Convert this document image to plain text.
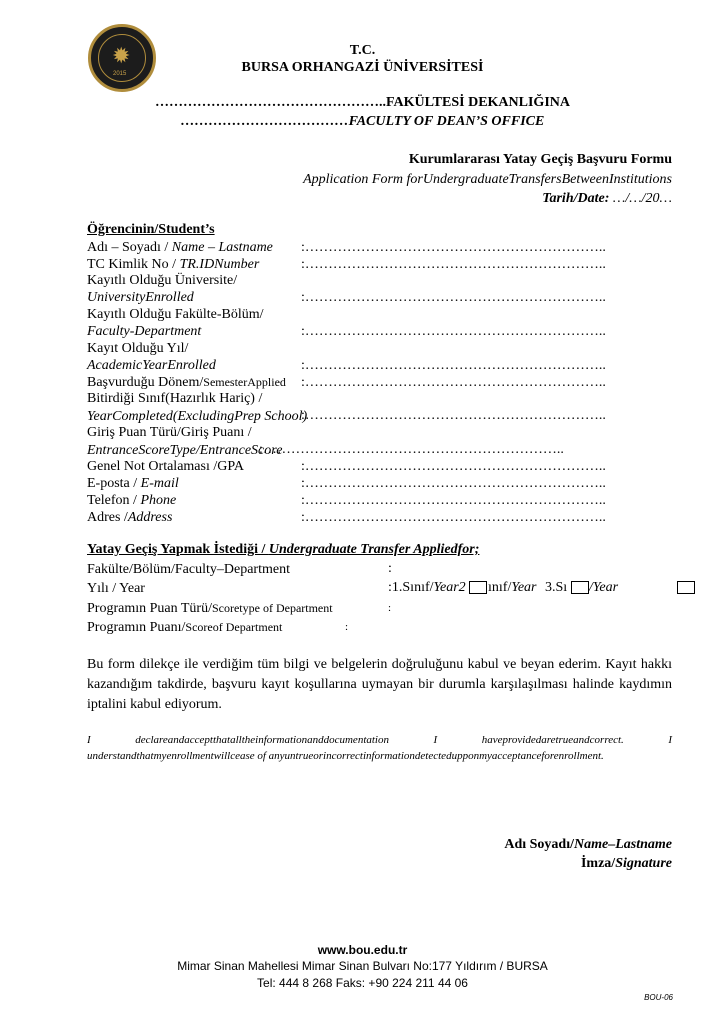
✹
2015
T.C.
BURSA ORHANGAZİ ÜNİVERSİTESİ
…………………………………………..FAKÜLTESİ DEKANLIĞINA
………………………………FACULTY OF DEAN’S OFFICE
Kurumlararası Yatay Geçiş Başvuru Formu
Application Form forUndergraduateTransfersBetweenInstitutions
Tarih/Date: …/…/20…
Öğrencinin/Student’s
Adı – Soyadı / Name – Lastname :………………………………………………………..
TC Kimlik No / TR.IDNumber	:………………………………………………………..
Kayıtlı Olduğu Üniversite/
UniversityEnrolled	:………………………………………………………..
Kayıtlı Olduğu Fakülte-Bölüm/
Faculty-Department	:………………………………………………………..
Kayıt Olduğu Yıl/
AcademicYearEnrolled	:………………………………………………………..
Başvurduğu Dönem/SemesterApplied :………………………………………………………..
Bitirdiği Sınıf(Hazırlık Hariç) /
YearCompleted(ExcludingPrep School)
:………………………………………………………..
Giriş Puan Türü/Giriş Puanı /
EntranceScoreType/EntranceScore
:………………………………………………………..
Genel Not Ortalaması /GPA	:………………………………………………………..
E-posta / E-mail	:………………………………………………………..
Telefon / Phone	:………………………………………………………..
Adres /Address	:………………………………………………………..
Yatay Geçiş Yapmak İstediği / Undergraduate Transfer Appliedfor;
Fakülte/Bölüm/Faculty–Department	:
Yılı / Year	:1.Sınıf/Year2 ınıf/Year 3.Sı /Year
Programın Puan Türü/Scoretype of Department	:
Programın Puanı/Scoreof Department	:
Bu form dilekçe ile verdiğim tüm bilgi ve belgelerin doğruluğunu kabul ve beyan ederim. Kayıt hakkı kazandığım takdirde, başvuru kayıt koşullarına uymayan bir durumla karşılaşılması halinde kaydımın iptalini kabul ediyorum.
I declareandacceptthatalltheinformationanddocumentation I haveprovidedaretrueandcorrect. I
understandthatmyenrollmentwillcease of anyuntrueorincorrectinformationdetectedupponmyacceptanceforenrollment.
Adı Soyadı/Name–Lastname
İmza/Signature
www.bou.edu.tr
Mimar Sinan Mahellesi Mimar Sinan Bulvarı No:177 Yıldırım / BURSA
Tel: 444 8 268 Faks: +90 224 211 44 06
BOU-06
